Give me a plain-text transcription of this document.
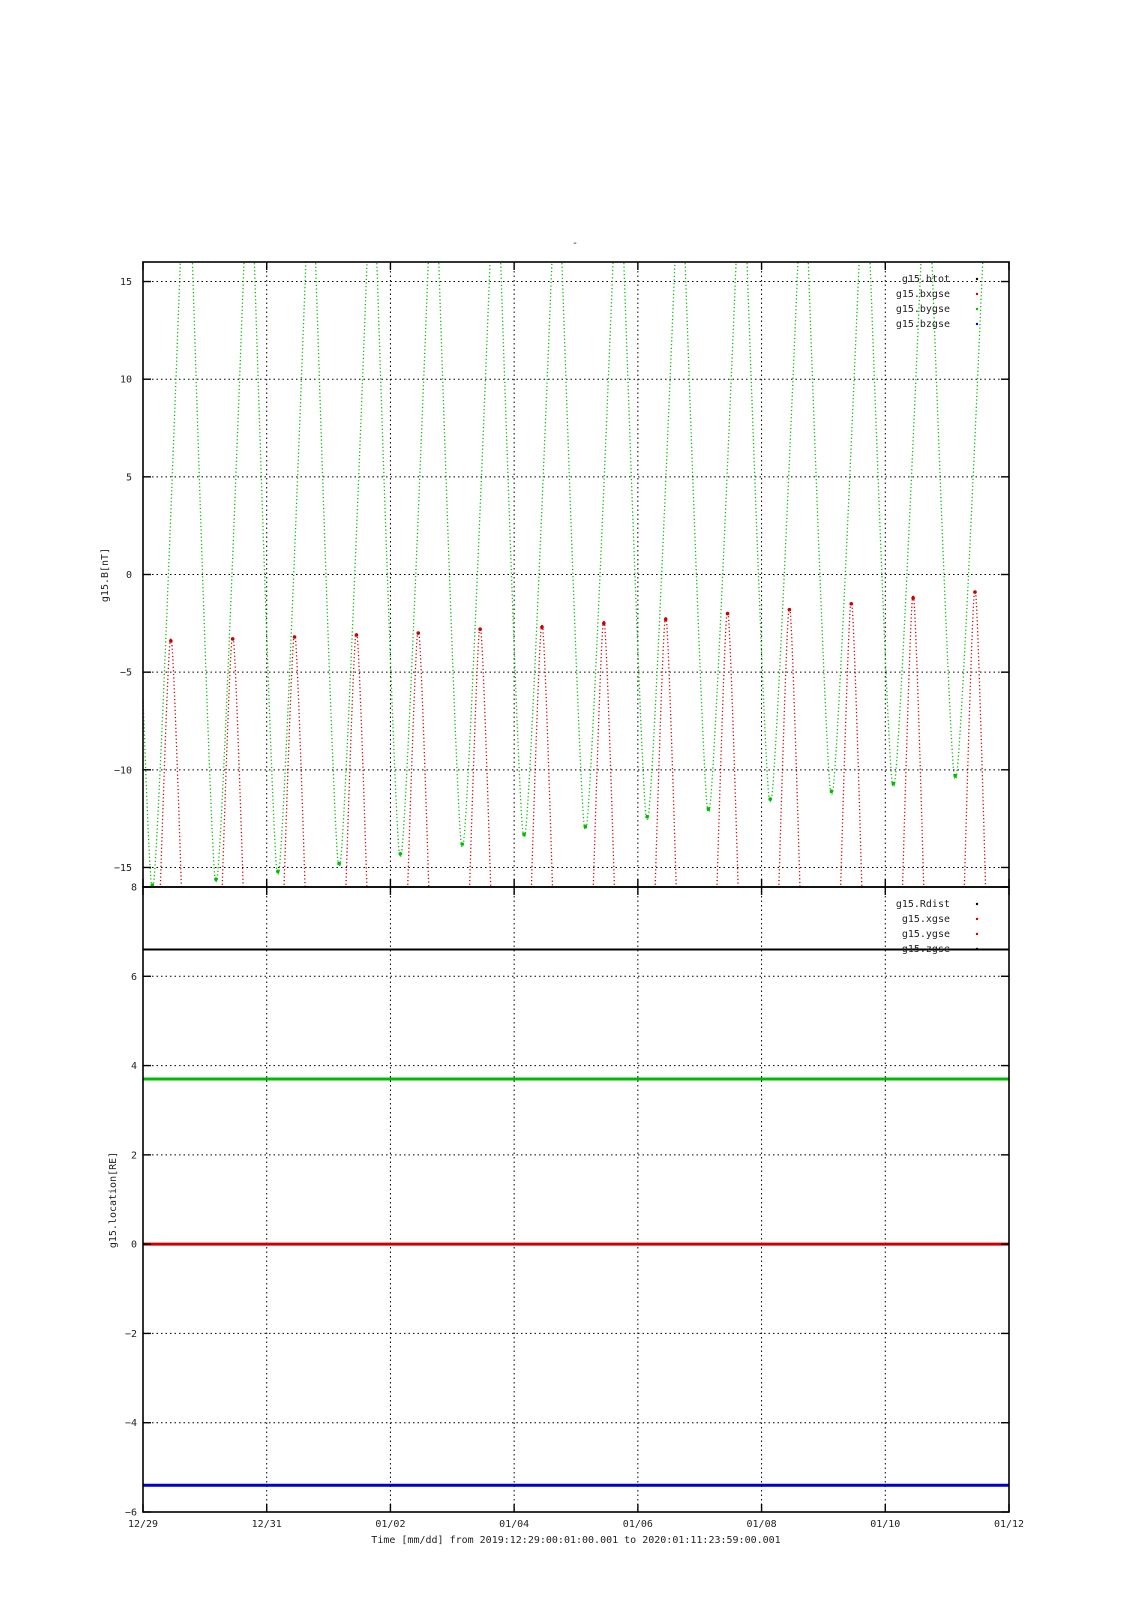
-
15
10
5
0
−5
−10
−15
g15.B[nT]
g15.btot
g15.bxgse
g15.bygse
g15.bzgse
8
6
4
2
0
−2
−4
−6
g15.location[RE]
g15.Rdist
g15.xgse
g15.ygse
g15.zgse
12/29	12/31	01/02	01/04	01/06	01/08	01/10	01/12
Time [mm/dd] from 2019:12:29:00:01:00.001 to 2020:01:11:23:59:00.001
